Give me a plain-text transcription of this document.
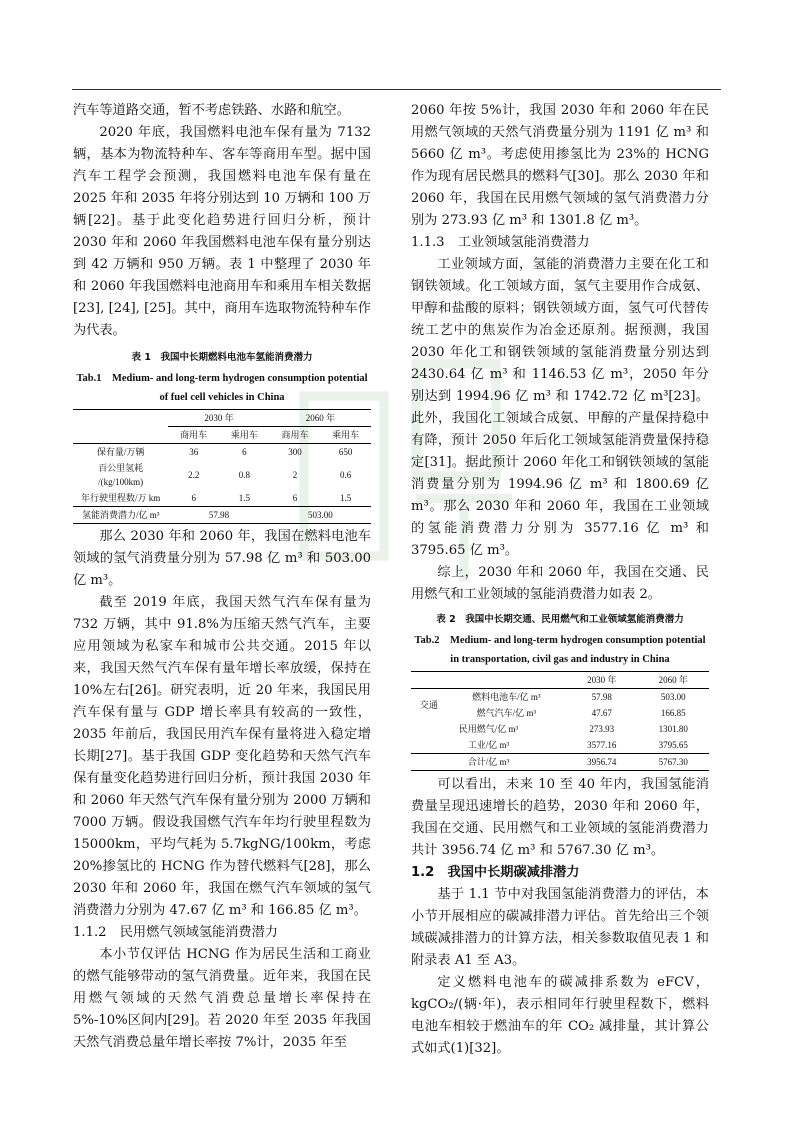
汽车等道路交通，暂不考虑铁路、水路和航空。

2020 年底，我国燃料电池车保有量为 7132 辆，基本为物流特种车、客车等商用车型。据中国汽车工程学会预测，我国燃料电池车保有量在 2025 年和 2035 年将分别达到 10 万辆和 100 万辆[22]。基于此变化趋势进行回归分析，预计 2030 年和 2060 年我国燃料电池车保有量分别达到 42 万辆和 950 万辆。表 1 中整理了 2030 年和 2060 年我国燃料电池商用车和乘用车相关数据[23], [24], [25]。其中，商用车选取物流特种车作为代表。

表 1　我国中长期燃料电池车氢能消费潜力
Tab.1　Medium- and long-term hydrogen consumption potential of fuel cell vehicles in China
	2030 年		2060 年	
	商用车	乘用车	商用车	乘用车
保有量/万辆	36	6	300	650
百公里氢耗
/(kg/100km)	2.2	0.8	2	0.6
年行驶里程数/万 km	6	1.5	6	1.5
氢能消费潜力/亿 m³	57.98		503.00	

那么 2030 年和 2060 年，我国在燃料电池车领域的氢气消费量分别为 57.98 亿 m³ 和 503.00 亿 m³。

截至 2019 年底，我国天然气汽车保有量为 732 万辆，其中 91.8%为压缩天然气汽车，主要应用领域为私家车和城市公共交通。2015 年以来，我国天然气汽车保有量年增长率放缓，保持在 10%左右[26]。研究表明，近 20 年来，我国民用汽车保有量与 GDP 增长率具有较高的一致性，2035 年前后，我国民用汽车保有量将进入稳定增长期[27]。基于我国 GDP 变化趋势和天然气汽车保有量变化趋势进行回归分析，预计我国 2030 年和 2060 年天然气汽车保有量分别为 2000 万辆和 7000 万辆。假设我国燃气汽车年均行驶里程数为 15000km，平均气耗为 5.7kgNG/100km，考虑 20%掺氢比的 HCNG 作为替代燃料气[28]，那么 2030 年和 2060 年，我国在燃气汽车领域的氢气消费潜力分别为 47.67 亿 m³ 和 166.85 亿 m³。

1.1.2　民用燃气领域氢能消费潜力

本小节仅评估 HCNG 作为居民生活和工商业的燃气能够带动的氢气消费量。近年来，我国在民用燃气领域的天然气消费总量增长率保持在 5%-10%区间内[29]。若 2020 年至 2035 年我国天然气消费总量年增长率按 7%计，2035 年至

2060 年按 5%计，我国 2030 年和 2060 年在民用燃气领域的天然气消费量分别为 1191 亿 m³ 和 5660 亿 m³。考虑使用掺氢比为 23%的 HCNG 作为现有居民燃具的燃料气[30]。那么 2030 年和 2060 年，我国在民用燃气领域的氢气消费潜力分别为 273.93 亿 m³ 和 1301.8 亿 m³。

1.1.3　工业领域氢能消费潜力

工业领域方面，氢能的消费潜力主要在化工和钢铁领域。化工领域方面，氢气主要用作合成氨、甲醇和盐酸的原料；钢铁领域方面，氢气可代替传统工艺中的焦炭作为冶金还原剂。据预测，我国 2030 年化工和钢铁领域的氢能消费量分别达到 2430.64 亿 m³ 和 1146.53 亿 m³，2050 年分别达到 1994.96 亿 m³ 和 1742.72 亿 m³[23]。此外，我国化工领域合成氨、甲醇的产量保持稳中有降，预计 2050 年后化工领域氢能消费量保持稳定[31]。据此预计 2060 年化工和钢铁领域的氢能消费量分别为 1994.96 亿 m³ 和 1800.69 亿 m³。那么 2030 年和 2060 年，我国在工业领域的氢能消费潜力分别为 3577.16 亿 m³ 和 3795.65 亿 m³。

综上，2030 年和 2060 年，我国在交通、民用燃气和工业领域的氢能消费潜力如表 2。

表 2　我国中长期交通、民用燃气和工业领域氢能消费潜力
Tab.2　Medium- and long-term hydrogen consumption potential in transportation, civil gas and industry in China
		2030 年	2060 年
交通	燃料电池车/亿 m³	57.98	503.00
	燃气汽车/亿 m³	47.67	166.85
民用燃气/亿 m³		273.93	1301.80
工业/亿 m³		3577.16	3795.65
合计/亿 m³		3956.74	5767.30

可以看出，未来 10 至 40 年内，我国氢能消费量呈现迅速增长的趋势，2030 年和 2060 年，我国在交通、民用燃气和工业领域的氢能消费潜力共计 3956.74 亿 m³ 和 5767.30 亿 m³。

1.2　我国中长期碳减排潜力

基于 1.1 节中对我国氢能消费潜力的评估，本小节开展相应的碳减排潜力评估。首先给出三个领域碳减排潜力的计算方法，相关参数取值见表 1 和附录表 A1 至 A3。

定义燃料电池车的碳减排系数为 eFCV，kgCO₂/(辆·年)，表示相同年行驶里程数下，燃料电池车相较于燃油车的年 CO₂ 减排量，其计算公式如式(1)[32]。
